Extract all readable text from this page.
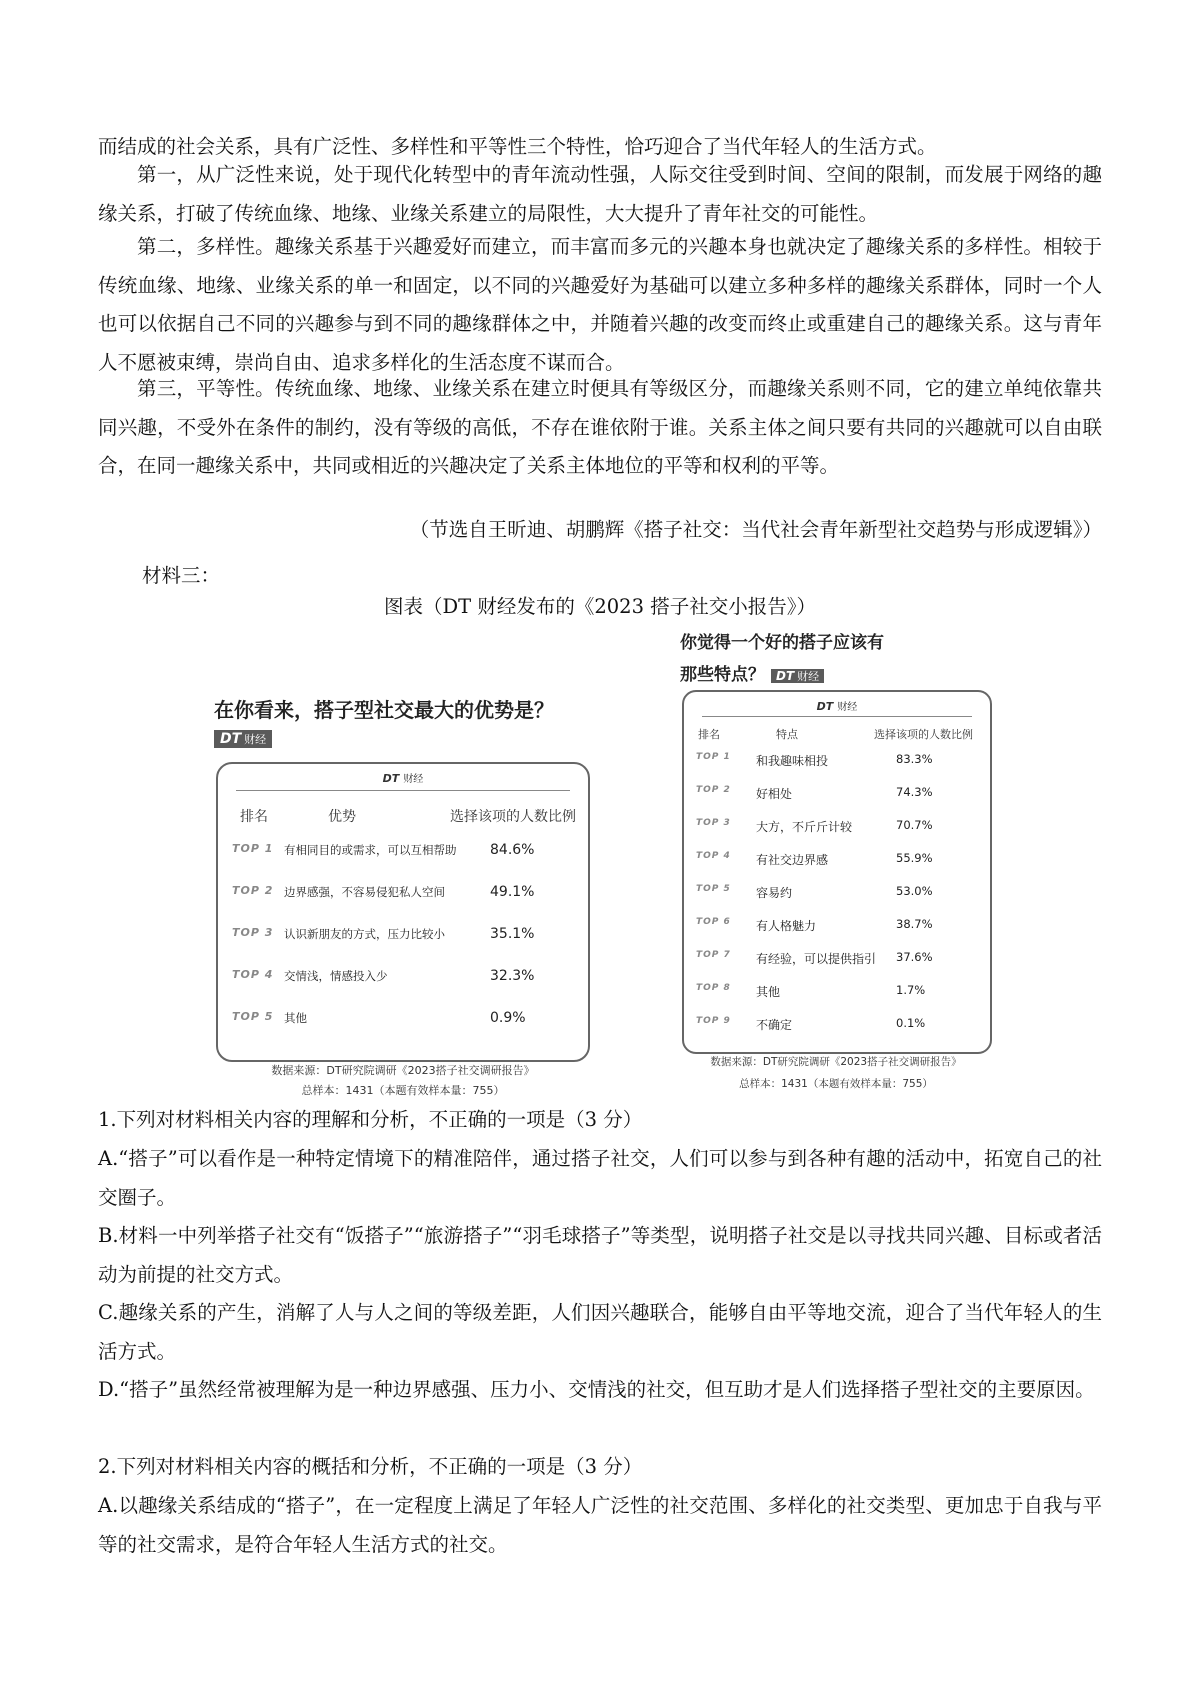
而结成的社会关系，具有广泛性、多样性和平等性三个特性，恰巧迎合了当代年轻人的生活方式。

第一，从广泛性来说，处于现代化转型中的青年流动性强，人际交往受到时间、空间的限制，而发展于网络的趣缘关系，打破了传统血缘、地缘、业缘关系建立的局限性，大大提升了青年社交的可能性。

第二，多样性。趣缘关系基于兴趣爱好而建立，而丰富而多元的兴趣本身也就决定了趣缘关系的多样性。相较于传统血缘、地缘、业缘关系的单一和固定，以不同的兴趣爱好为基础可以建立多种多样的趣缘关系群体，同时一个人也可以依据自己不同的兴趣参与到不同的趣缘群体之中，并随着兴趣的改变而终止或重建自己的趣缘关系。这与青年人不愿被束缚，崇尚自由、追求多样化的生活态度不谋而合。

第三，平等性。传统血缘、地缘、业缘关系在建立时便具有等级区分，而趣缘关系则不同，它的建立单纯依靠共同兴趣，不受外在条件的制约，没有等级的高低，不存在谁依附于谁。关系主体之间只要有共同的兴趣就可以自由联合，在同一趣缘关系中，共同或相近的兴趣决定了关系主体地位的平等和权利的平等。

（节选自王昕迪、胡鹏辉《搭子社交：当代社会青年新型社交趋势与形成逻辑》）
材料三：
图表（DT 财经发布的《2023 搭子社交小报告》）
在你看来，搭子型社交最大的优势是？
DT 财经
DT 财经
排名	优势	选择该项的人数比例
TOP 1 有相同目的或需求，可以互相帮助 84.6%
TOP 2 边界感强，不容易侵犯私人空间	49.1%
TOP 3 认识新朋友的方式，压力比较小	35.1%
TOP 4 交情浅，情感投入少	32.3%
TOP 5 其他	0.9%
数据来源：DT研究院调研《2023搭子社交调研报告》
总样本：1431（本题有效样本量：755）
你觉得一个好的搭子应该有
那些特点？ DT 财经
DT 财经
排名	特点	选择该项的人数比例
TOP 1 和我趣味相投	83.3%
TOP 2 好相处	74.3%
TOP 3 大方，不斤斤计较	70.7%
TOP 4 有社交边界感	55.9%
TOP 5 容易约	53.0%
TOP 6 有人格魅力	38.7%
TOP 7 有经验，可以提供指引 37.6%
TOP 8 其他	1.7%
TOP 9 不确定	0.1%
数据来源：DT研究院调研《2023搭子社交调研报告》
总样本：1431（本题有效样本量：755）

1.下列对材料相关内容的理解和分析，不正确的一项是（3 分）

A.“搭子”可以看作是一种特定情境下的精准陪伴，通过搭子社交，人们可以参与到各种有趣的活动中，拓宽自己的社交圈子。

B.材料一中列举搭子社交有“饭搭子”“旅游搭子”“羽毛球搭子”等类型，说明搭子社交是以寻找共同兴趣、目标或者活动为前提的社交方式。

C.趣缘关系的产生，消解了人与人之间的等级差距，人们因兴趣联合，能够自由平等地交流，迎合了当代年轻人的生活方式。

D.“搭子”虽然经常被理解为是一种边界感强、压力小、交情浅的社交，但互助才是人们选择搭子型社交的主要原因。

2.下列对材料相关内容的概括和分析，不正确的一项是（3 分）

A.以趣缘关系结成的“搭子”，在一定程度上满足了年轻人广泛性的社交范围、多样化的社交类型、更加忠于自我与平等的社交需求，是符合年轻人生活方式的社交。
